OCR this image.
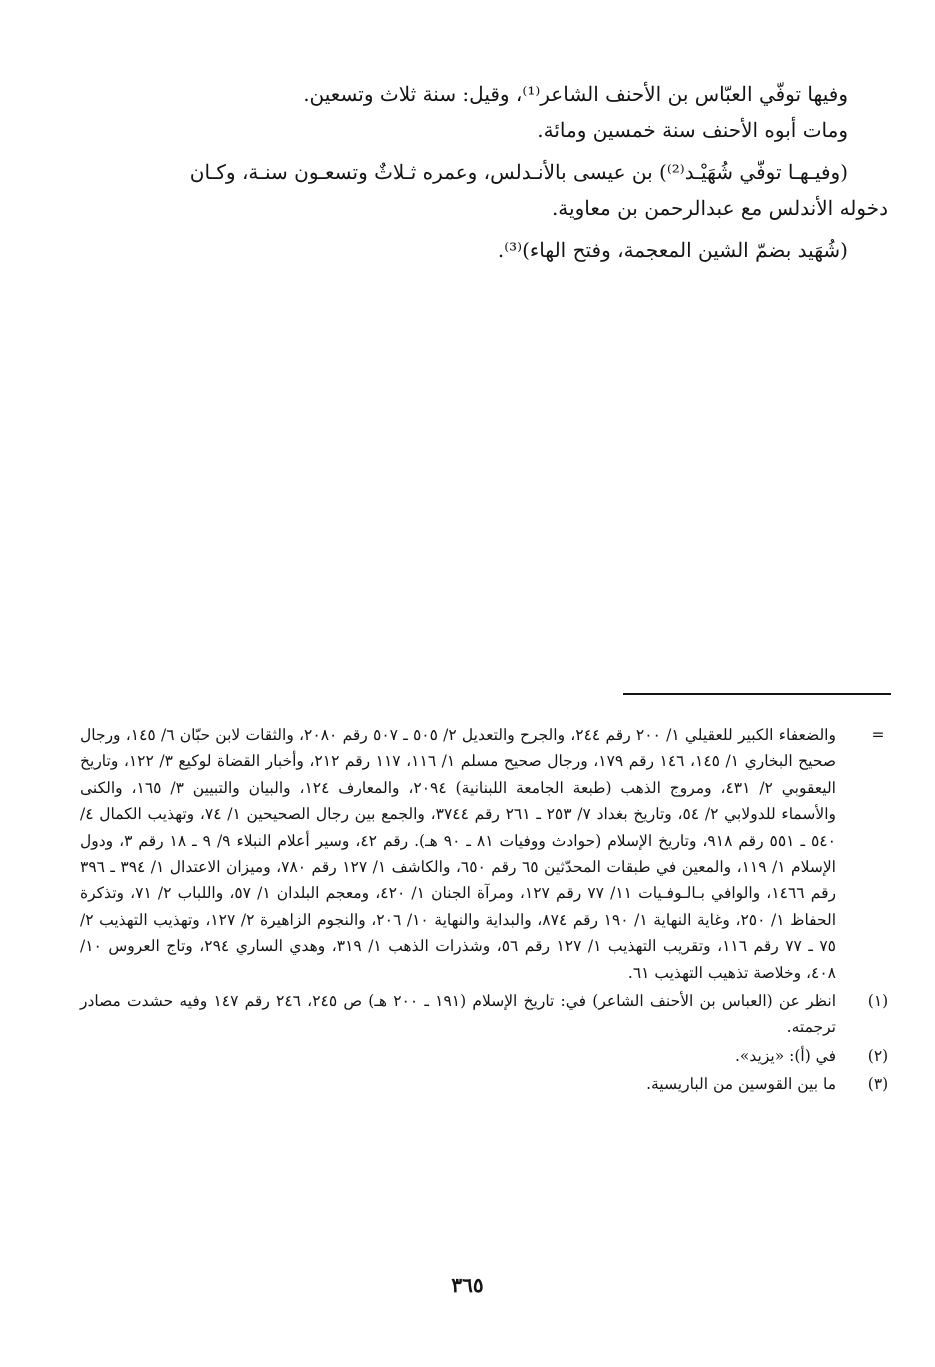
وفيها توفّي العبّاس بن الأحنف الشاعر⁽¹⁾، وقيل: سنة ثلاث وتسعين.

ومات أبوه الأحنف سنة خمسين ومائة.

(وفيـهـا توفّي شُهَيْـد⁽²⁾) بن عيسى بالأنـدلس، وعمره ثـلاثٌ وتسعـون سنـة، وكـان

دخوله الأندلس مع عبدالرحمن بن معاوية.

(شُهَيد بضمّ الشين المعجمة، وفتح الهاء)⁽³⁾.

=
والضعفاء الكبير للعقيلي ١/ ٢٠٠ رقم ٢٤٤، والجرح والتعديل ٢/ ٥٠٥ ـ ٥٠٧ رقم ٢٠٨٠، والثقات لابن حبّان ٦/ ١٤٥، ورجال صحيح البخاري ١/ ١٤٥، ١٤٦ رقم ١٧٩، ورجال صحيح مسلم ١/ ١١٦، ١١٧ رقم ٢١٢، وأخبار القضاة لوكيع ٣/ ١٢٢، وتاريخ اليعقوبي ٢/ ٤٣١، ومروج الذهب (طبعة الجامعة اللبنانية) ٢٠٩٤، والمعارف ١٢٤، والبيان والتبيين ٣/ ١٦٥، والكنى والأسماء للدولابي ٢/ ٥٤، وتاريخ بغداد ٧/ ٢٥٣ ـ ٢٦١ رقم ٣٧٤٤، والجمع بين رجال الصحيحين ١/ ٧٤، وتهذيب الكمال ٤/ ٥٤٠ ـ ٥٥١ رقم ٩١٨، وتاريخ الإسلام (حوادث ووفيات ٨١ ـ ٩٠ هـ). رقم ٤٢، وسير أعلام النبلاء ٩/ ٩ ـ ١٨ رقم ٣، ودول الإسلام ١/ ١١٩، والمعين في طبقات المحدّثين ٦٥ رقم ٦٥٠، والكاشف ١/ ١٢٧ رقم ٧٨٠، وميزان الاعتدال ١/ ٣٩٤ ـ ٣٩٦ رقم ١٤٦٦، والوافي بـالـوفـيات ١١/ ٧٧ رقم ١٢٧، ومرآة الجنان ١/ ٤٢٠، ومعجم البلدان ١/ ٥٧، واللباب ٢/ ٧١، وتذكرة الحفاظ ١/ ٢٥٠، وغاية النهاية ١/ ١٩٠ رقم ٨٧٤، والبداية والنهاية ١٠/ ٢٠٦، والنجوم الزاهيرة ٢/ ١٢٧، وتهذيب التهذيب ٢/ ٧٥ ـ ٧٧ رقم ١١٦، وتقريب التهذيب ١/ ١٢٧ رقم ٥٦، وشذرات الذهب ١/ ٣١٩، وهدي الساري ٢٩٤، وتاج العروس ١٠/ ٤٠٨، وخلاصة تذهيب التهذيب ٦١.
(١)
انظر عن (العباس بن الأحنف الشاعر) في: تاريخ الإسلام (١٩١ ـ ٢٠٠ هـ) ص ٢٤٥، ٢٤٦ رقم ١٤٧ وفيه حشدت مصادر ترجمته.
(٢)
في (أ): «يزيد».
(٣)
ما بين القوسين من الباريسية.
٣٦٥
